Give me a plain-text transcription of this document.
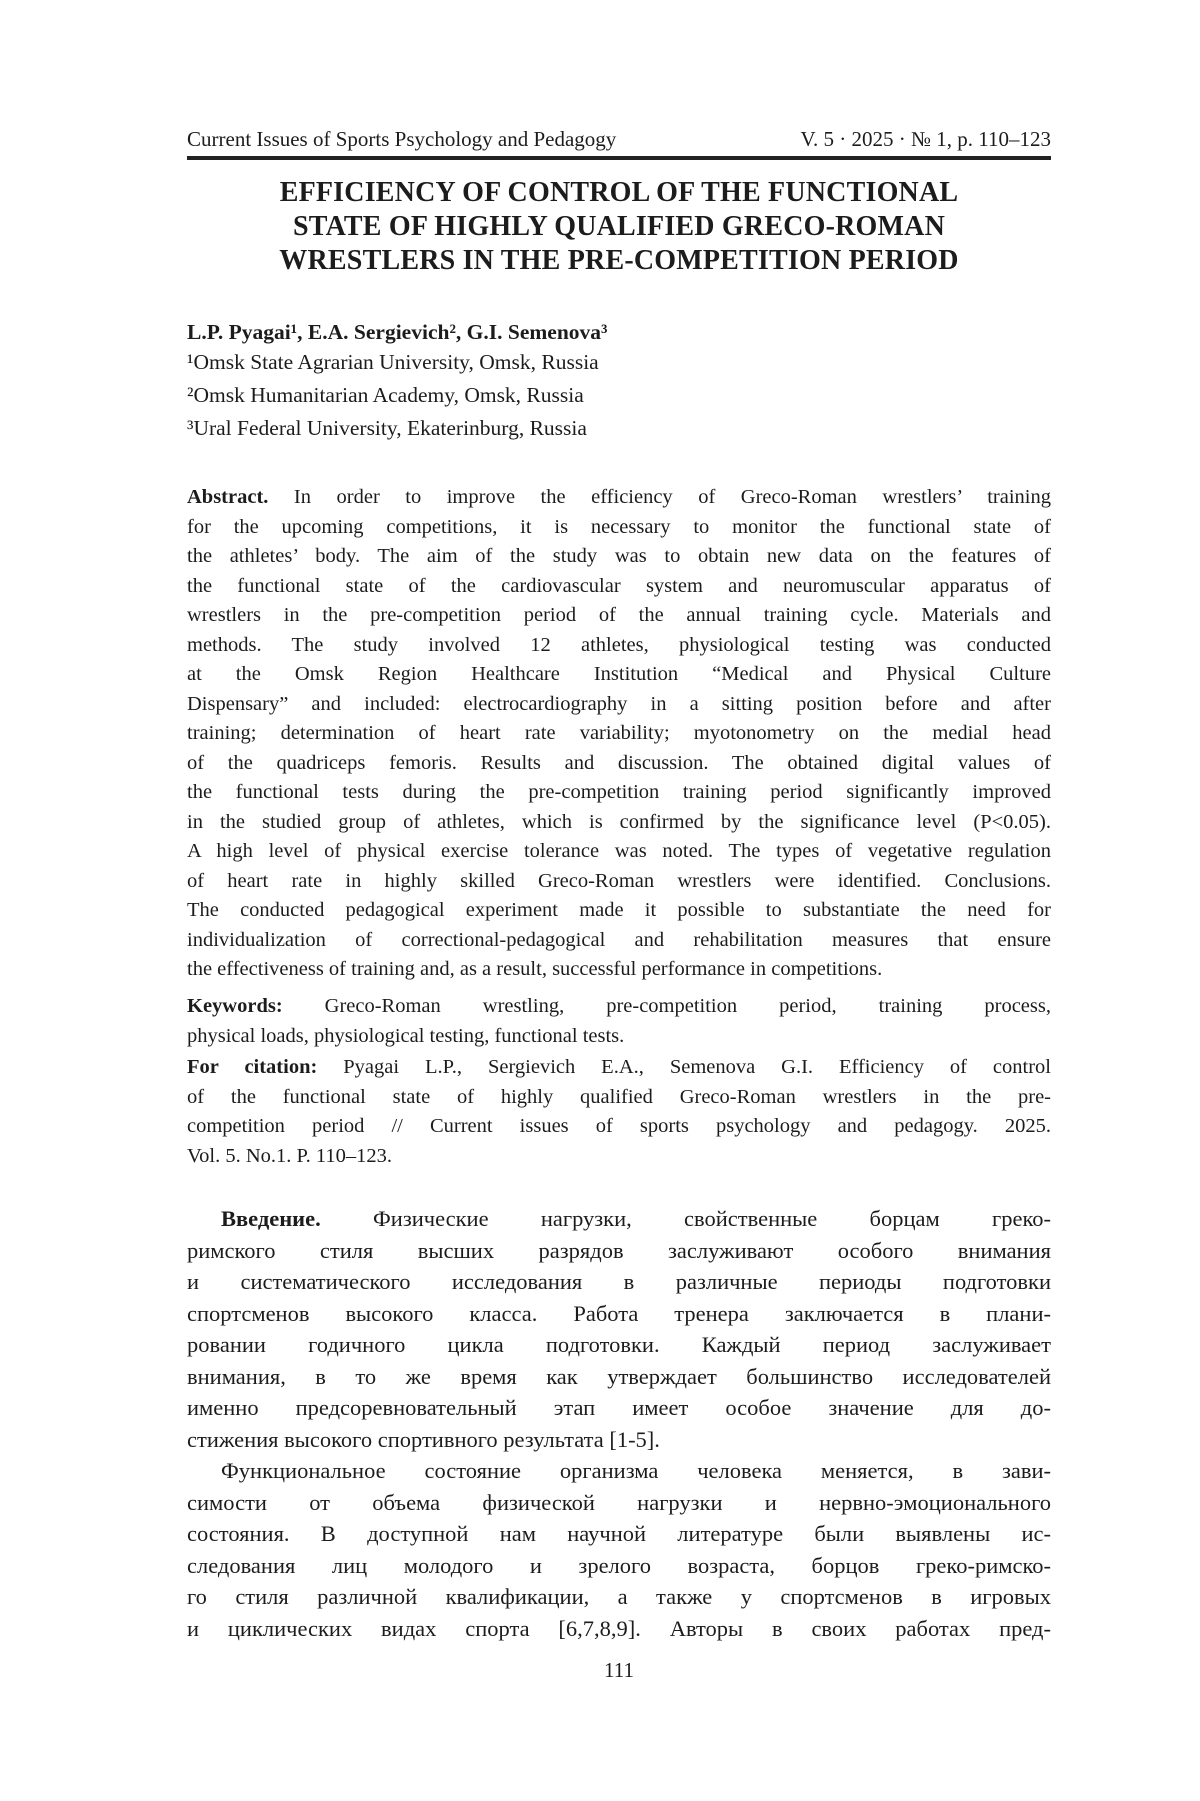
Current Issues of Sports Psychology and Pedagogy	V. 5 · 2025 · № 1, p. 110–123
EFFICIENCY OF CONTROL OF THE FUNCTIONAL
STATE OF HIGHLY QUALIFIED GRECO-ROMAN
WRESTLERS IN THE PRE-COMPETITION PERIOD
L.P. Pyagai¹, E.A. Sergievich², G.I. Semenova³
¹Omsk State Agrarian University, Omsk, Russia
²Omsk Humanitarian Academy, Omsk, Russia
³Ural Federal University, Ekaterinburg, Russia
Abstract. In order to improve the efficiency of Greco-Roman wrestlers’ training
for the upcoming competitions, it is necessary to monitor the functional state of
the athletes’ body. The aim of the study was to obtain new data on the features of
the functional state of the cardiovascular system and neuromuscular apparatus of
wrestlers in the pre-competition period of the annual training cycle. Materials and
methods. The study involved 12 athletes, physiological testing was conducted
at the Omsk Region Healthcare Institution “Medical and Physical Culture
Dispensary” and included: electrocardiography in a sitting position before and after
training; determination of heart rate variability; myotonometry on the medial head
of the quadriceps femoris. Results and discussion. The obtained digital values of
the functional tests during the pre-competition training period significantly improved
in the studied group of athletes, which is confirmed by the significance level (P<0.05).
A high level of physical exercise tolerance was noted. The types of vegetative regulation
of heart rate in highly skilled Greco-Roman wrestlers were identified. Conclusions.
The conducted pedagogical experiment made it possible to substantiate the need for
individualization of correctional-pedagogical and rehabilitation measures that ensure
the effectiveness of training and, as a result, successful performance in competitions.
Keywords: Greco-Roman wrestling, pre-competition period, training process,
physical loads, physiological testing, functional tests.
For citation: Pyagai L.P., Sergievich E.A., Semenova G.I. Efficiency of control
of the functional state of highly qualified Greco-Roman wrestlers in the pre-
competition period // Current issues of sports psychology and pedagogy. 2025.
Vol. 5. No.1. P. 110–123.
Введение. Физические нагрузки, свойственные борцам греко-
римского стиля высших разрядов заслуживают особого внимания
и систематического исследования в различные периоды подготовки
спортсменов высокого класса. Работа тренера заключается в плани-
ровании годичного цикла подготовки. Каждый период заслуживает
внимания, в то же время как утверждает большинство исследователей
именно предсоревновательный этап имеет особое значение для до-
стижения высокого спортивного результата [1-5].
Функциональное состояние организма человека меняется, в зави-
симости от объема физической нагрузки и нервно-эмоционального
состояния. В доступной нам научной литературе были выявлены ис-
следования лиц молодого и зрелого возраста, борцов греко-римско-
го стиля различной квалификации, а также у спортсменов в игровых
и циклических видах спорта [6,7,8,9]. Авторы в своих работах пред-
111
